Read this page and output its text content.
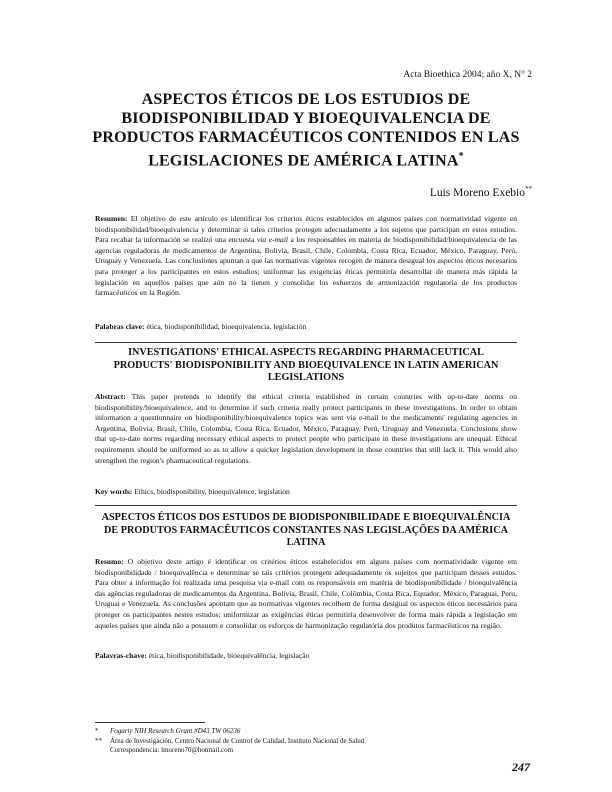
Acta Bioethica 2004; año X, N° 2
ASPECTOS ÉTICOS DE LOS ESTUDIOS DE BIODISPONIBILIDAD Y BIOEQUIVALENCIA DE PRODUCTOS FARMACÉUTICOS CONTENIDOS EN LAS LEGISLACIONES DE AMÉRICA LATINA*
Luis Moreno Exebio**
Resumen: El objetivo de este artículo es identificar los criterios éticos establecidos en algunos países con normatividad vigente en biodisponibilidad/bioequivalencia y determinar si tales criterios protegen adecuadamente a los sujetos que participan en estos estudios. Para recabar la información se realizó una encuesta vía e-mail a los responsables en materia de biodisponibilidad/bioequivalencia de las agencias reguladoras de medicamentos de Argentina, Bolivia, Brasil, Chile, Colombia, Costa Rica, Ecuador, México, Paraguay, Perú, Uruguay y Venezuela. Las conclusiones apuntan a que las normativas vigentes recogen de manera desigual los aspectos éticos necesarios para proteger a los participantes en estos estudios; uniformar las exigencias éticas permitiría desarrollar de manera más rápida la legislación en aquellos países que aún no la tienen y consolidar los esfuerzos de armonización regulatoria de los productos farmacéuticos en la Región.
Palabras clave: ética, biodisponibilidad, bioequivalencia, legislación
INVESTIGATIONS' ETHICAL ASPECTS REGARDING PHARMACEUTICAL PRODUCTS' BIODISPONIBILITY AND BIOEQUIVALENCE IN LATIN AMERICAN LEGISLATIONS
Abstract: This paper pretends to identify the ethical criteria established in certain countries with up-to-date norms on biodisponibility/bioequivalence, and to determine if such criteria really protect participants in these investigations. In order to obtain information a questionnaire on biodisponibility/bioequivalence topics was sent via e-mail to the medicaments' regulating agencies in Argentina, Bolivia, Brasil, Chile, Colombia, Costa Rica, Ecuador, México, Paraguay, Perú, Uruguay and Venezuela. Conclusions show that up-to-date norms regarding necessary ethical aspects to protect people who participate in these investigations are unequal. Ethical requirements should be uniformed so as to allow a quicker legislation development in those countries that still lack it. This would also strengthen the region's pharmaceutical regulations.
Key words: Ethics, biodisponibility, bioequivalence, legislation
ASPECTOS ÉTICOS DOS ESTUDOS DE BIODISPONIBILIDADE E BIOEQUIVALÊNCIA DE PRODUTOS FARMACÊUTICOS CONSTANTES NAS LEGISLAÇÕES DA AMÉRICA LATINA
Resumo: O objetivo deste artigo é identificar os critérios éticos estabelecidos em alguns países com normatividade vigente em biodisponibilidade / bioequivalência e determinar se tais critérios protegem adequadamente os sujeitos que participam desses estudos. Para obter a informação foi realizada uma pesquisa via e-mail com os responsáveis em matéria de biodisponibilidade / bioequivalência das agências reguladoras de medicamentos da Argentina, Bolívia, Brasil, Chile, Colômbia, Costa Rica, Equador, México, Paraguai, Peru, Uruguai e Venezuela. As conclusões apontam que as normativas vigentes recolhem de forma desigual os aspectos éticos necessários para proteger os participantes nestes estudos; uniformizar as exigências éticas permitiria desenvolver de forma mais rápida a legislação em aqueles países que ainda não a possuem e consolidar os esforços de harmonização regulatória dos produtos farmacêuticos na região.
Palavras-chave: ética, biodisponibilidade, bioequivalência, legislação
*	Fogarty NIH Research Grant #D43 TW 06236
**	Área de Investigación, Centro Nacional de Control de Calidad, Instituto Nacional de Salud
Correspondencia: lmoreno70@hotmail.com
247
